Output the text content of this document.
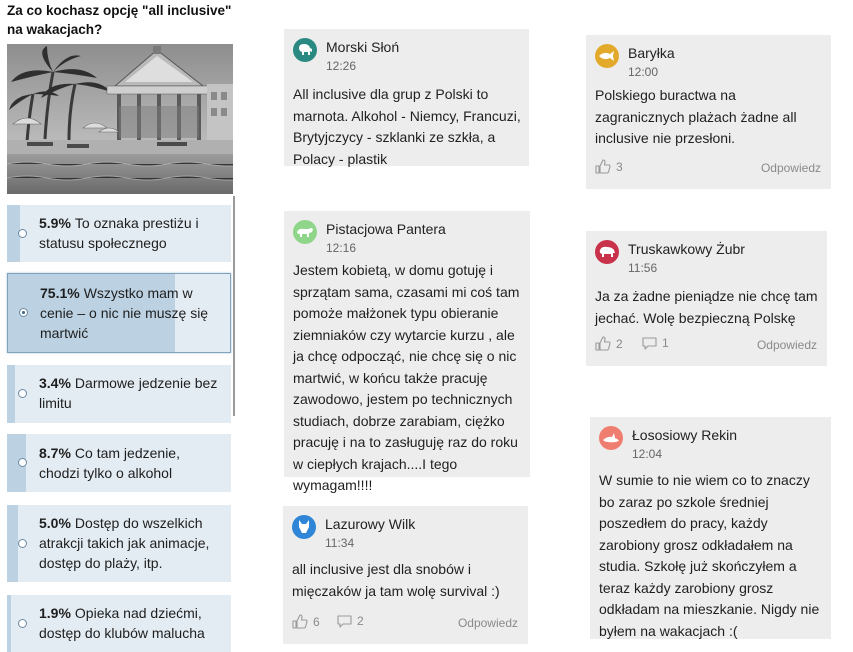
Za co kochasz opcję "all inclusive" na wakacjach?
5.9% To oznaka prestiżu i statusu społecznego
75.1% Wszystko mam w cenie – o nic nie muszę się martwić
3.4% Darmowe jedzenie bez limitu
8.7% Co tam jedzenie, chodzi tylko o alkohol
5.0% Dostęp do wszelkich atrakcji takich jak animacje, dostęp do plaży, itp.
1.9% Opieka nad dziećmi, dostęp do klubów malucha
Morski Słoń
12:26
All inclusive dla grup z Polski to marnota. Alkohol - Niemcy, Francuzi, Brytyjczycy - szklanki ze szkła, a Polacy - plastik
Pistacjowa Pantera
12:16
Jestem kobietą, w domu gotuję i sprzątam sama, czasami mi coś tam pomoże małżonek typu obieranie ziemniaków czy wytarcie kurzu , ale ja chcę odpocząć, nie chcę się o nic martwić, w końcu także pracuję zawodowo, jestem po technicznych studiach, dobrze zarabiam, ciężko pracuję i na to zasługuję raz do roku w ciepłych krajach....I tego wymagam!!!!
Lazurowy Wilk
11:34
all inclusive jest dla snobów i mięczaków ja tam wolę survival :)
6	2	Odpowiedz
Baryłka
12:00
Polskiego buractwa na zagranicznych plażach żadne all inclusive nie przesłoni.
3	Odpowiedz
Truskawkowy Żubr
11:56
Ja za żadne pieniądze nie chcę tam jechać. Wolę bezpieczną Polskę
2	1	Odpowiedz
Łososiowy Rekin
12:04
W sumie to nie wiem co to znaczy bo zaraz po szkole średniej poszedłem do pracy, każdy zarobiony grosz odkładałem na studia. Szkołę już skończyłem a teraz każdy zarobiony grosz odkładam na mieszkanie. Nigdy nie byłem na wakacjach :(
